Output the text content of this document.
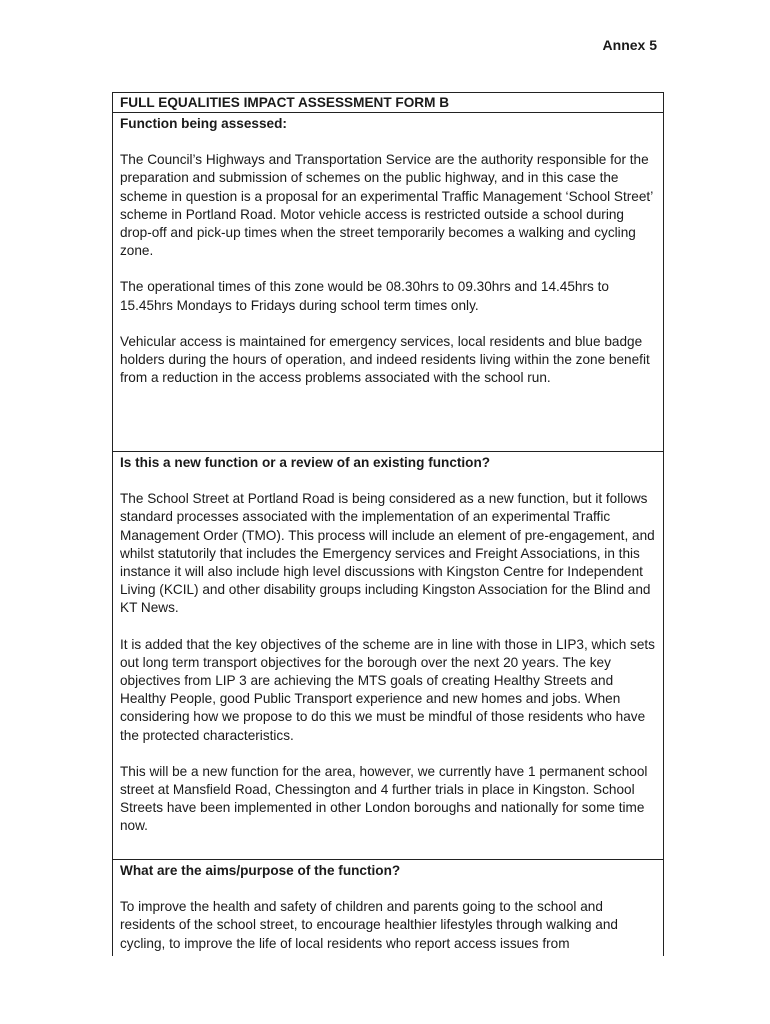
Annex 5
FULL EQUALITIES IMPACT ASSESSMENT FORM B

Function being assessed:

The Council’s Highways and Transportation Service are the authority responsible for the preparation and submission of schemes on the public highway, and in this case the scheme in question is a proposal for an experimental Traffic Management ‘School Street’ scheme in Portland Road. Motor vehicle access is restricted outside a school during drop-off and pick-up times when the street temporarily becomes a walking and cycling zone.

The operational times of this zone would be 08.30hrs to 09.30hrs and 14.45hrs to 15.45hrs Mondays to Fridays during school term times only.

Vehicular access is maintained for emergency services, local residents and blue badge holders during the hours of operation, and indeed residents living within the zone benefit from a reduction in the access problems associated with the school run.

Is this a new function or a review of an existing function?

The School Street at Portland Road is being considered as a new function, but it follows standard processes associated with the implementation of an experimental Traffic Management Order (TMO). This process will include an element of pre-engagement, and whilst statutorily that includes the Emergency services and Freight Associations, in this instance it will also include high level discussions with Kingston Centre for Independent Living (KCIL) and other disability groups including Kingston Association for the Blind and KT News.

It is added that the key objectives of the scheme are in line with those in LIP3, which sets out long term transport objectives for the borough over the next 20 years. The key objectives from LIP 3 are achieving the MTS goals of creating Healthy Streets and Healthy People, good Public Transport experience and new homes and jobs. When considering how we propose to do this we must be mindful of those residents who have the protected characteristics.

This will be a new function for the area, however, we currently have 1 permanent school street at Mansfield Road, Chessington and 4 further trials in place in Kingston. School Streets have been implemented in other London boroughs and nationally for some time now.

What are the aims/purpose of the function?

To improve the health and safety of children and parents going to the school and residents of the school street, to encourage healthier lifestyles through walking and cycling, to improve the life of local residents who report access issues from
